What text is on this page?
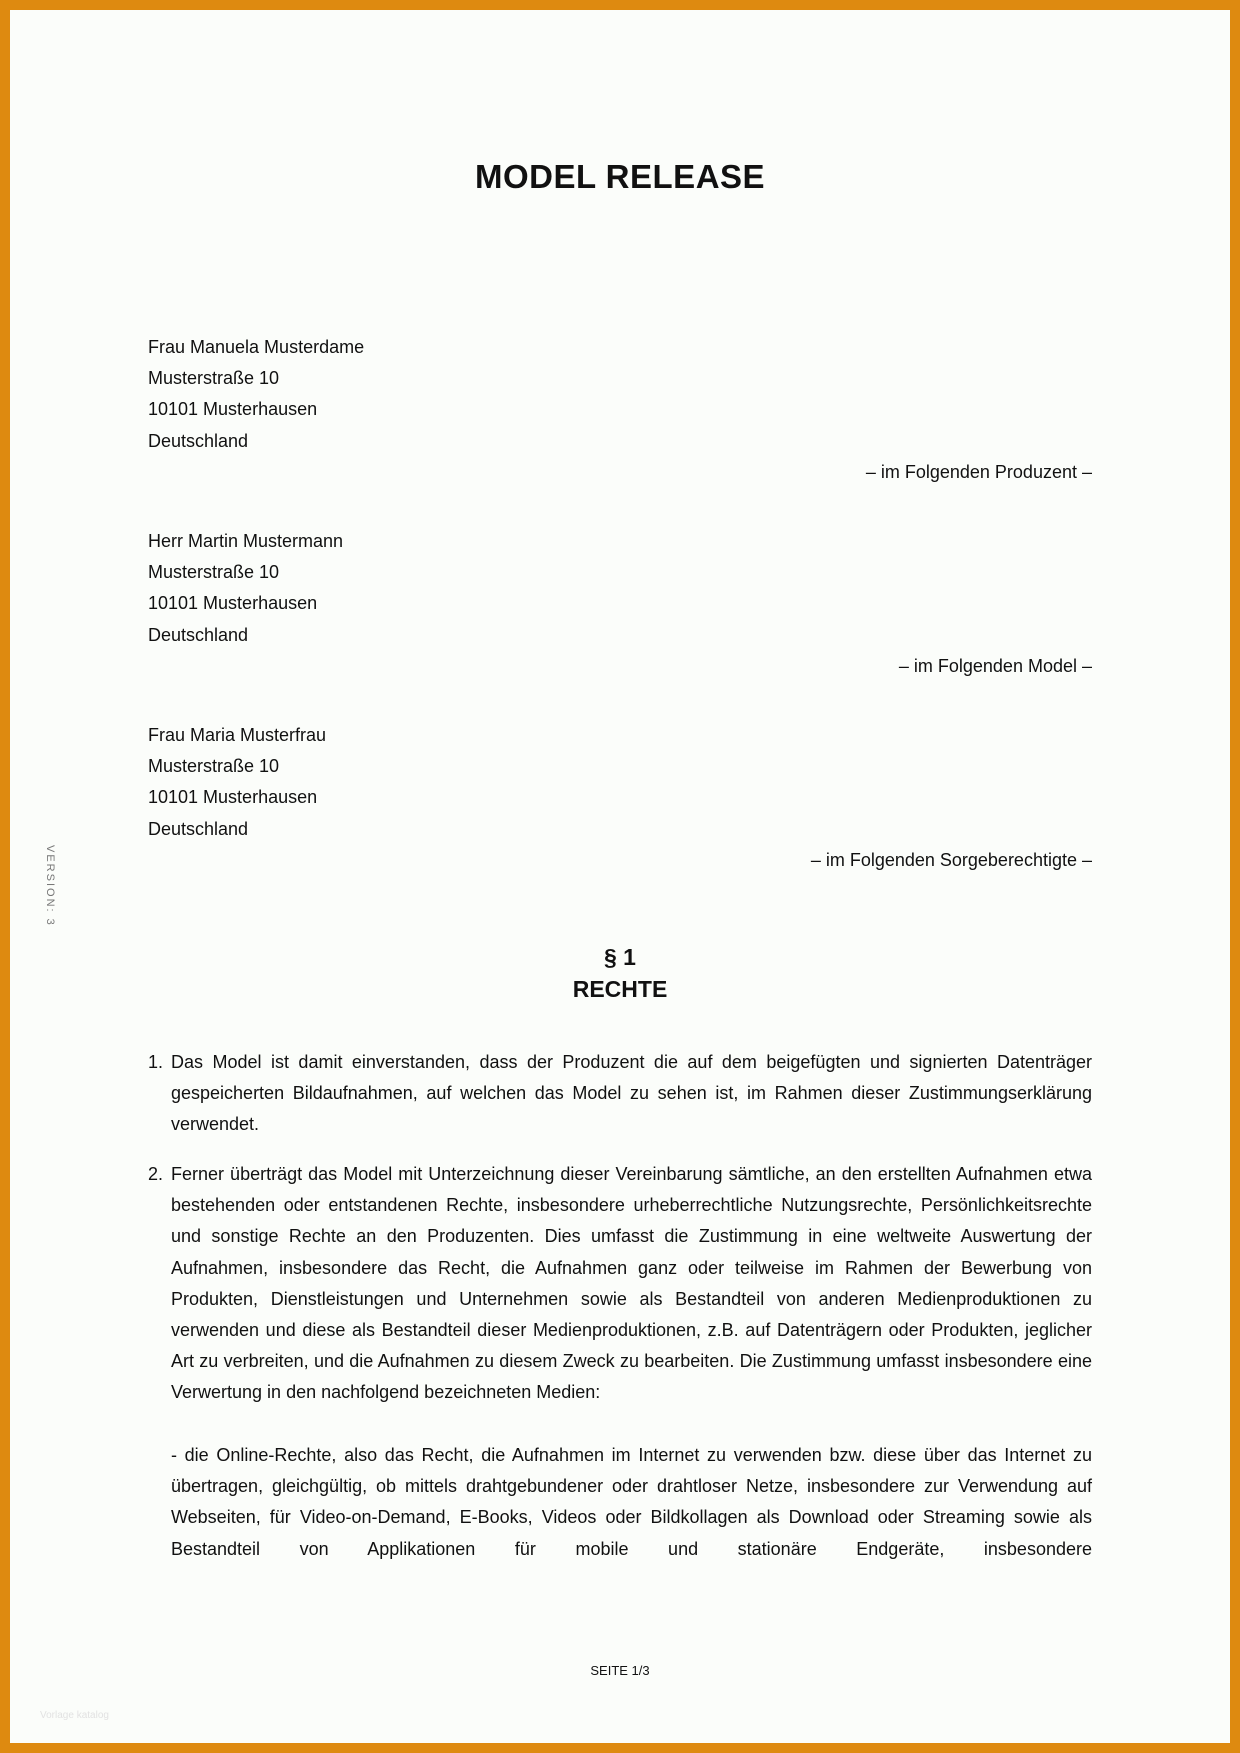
MODEL RELEASE
Frau Manuela Musterdame
Musterstraße 10
10101 Musterhausen
Deutschland
– im Folgenden Produzent –
Herr Martin Mustermann
Musterstraße 10
10101 Musterhausen
Deutschland
– im Folgenden Model –
Frau Maria Musterfrau
Musterstraße 10
10101 Musterhausen
Deutschland
– im Folgenden Sorgeberechtigte –
§ 1
RECHTE
1. Das Model ist damit einverstanden, dass der Produzent die auf dem beigefügten und signierten Datenträger gespeicherten Bildaufnahmen, auf welchen das Model zu sehen ist, im Rahmen dieser Zustimmungserklärung verwendet.
2. Ferner überträgt das Model mit Unterzeichnung dieser Vereinbarung sämtliche, an den erstellten Aufnahmen etwa bestehenden oder entstandenen Rechte, insbesondere urheberrechtliche Nutzungsrechte, Persönlichkeitsrechte und sonstige Rechte an den Produzenten. Dies umfasst die Zustimmung in eine weltweite Auswertung der Aufnahmen, insbesondere das Recht, die Aufnahmen ganz oder teilweise im Rahmen der Bewerbung von Produkten, Dienstleistungen und Unternehmen sowie als Bestandteil von anderen Medienproduktionen zu verwenden und diese als Bestandteil dieser Medienproduktionen, z.B. auf Datenträgern oder Produkten, jeglicher Art zu verbreiten, und die Aufnahmen zu diesem Zweck zu bearbeiten. Die Zustimmung umfasst insbesondere eine Verwertung in den nachfolgend bezeichneten Medien:
- die Online-Rechte, also das Recht, die Aufnahmen im Internet zu verwenden bzw. diese über das Internet zu übertragen, gleichgültig, ob mittels drahtgebundener oder drahtloser Netze, insbesondere zur Verwendung auf Webseiten, für Video-on-Demand, E-Books, Videos oder Bildkollagen als Download oder Streaming sowie als Bestandteil von Applikationen für mobile und stationäre Endgeräte, insbesondere
VERSION: 3
SEITE 1/3
Vorlage katalog
